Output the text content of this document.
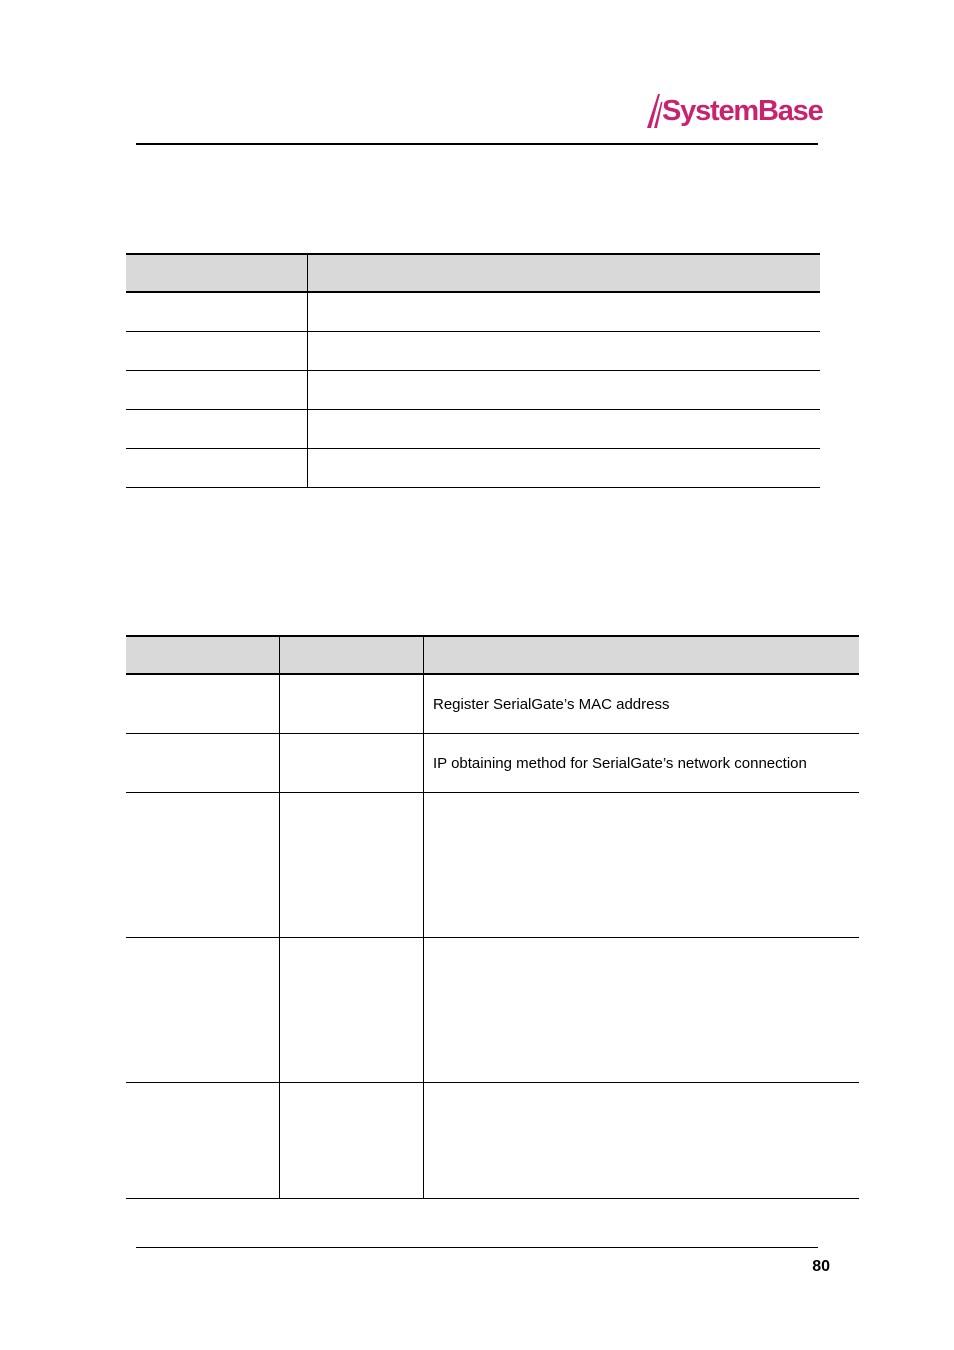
SystemBase

		Register SerialGate’s MAC address

		IP obtaining method for SerialGate’s network connection

80
